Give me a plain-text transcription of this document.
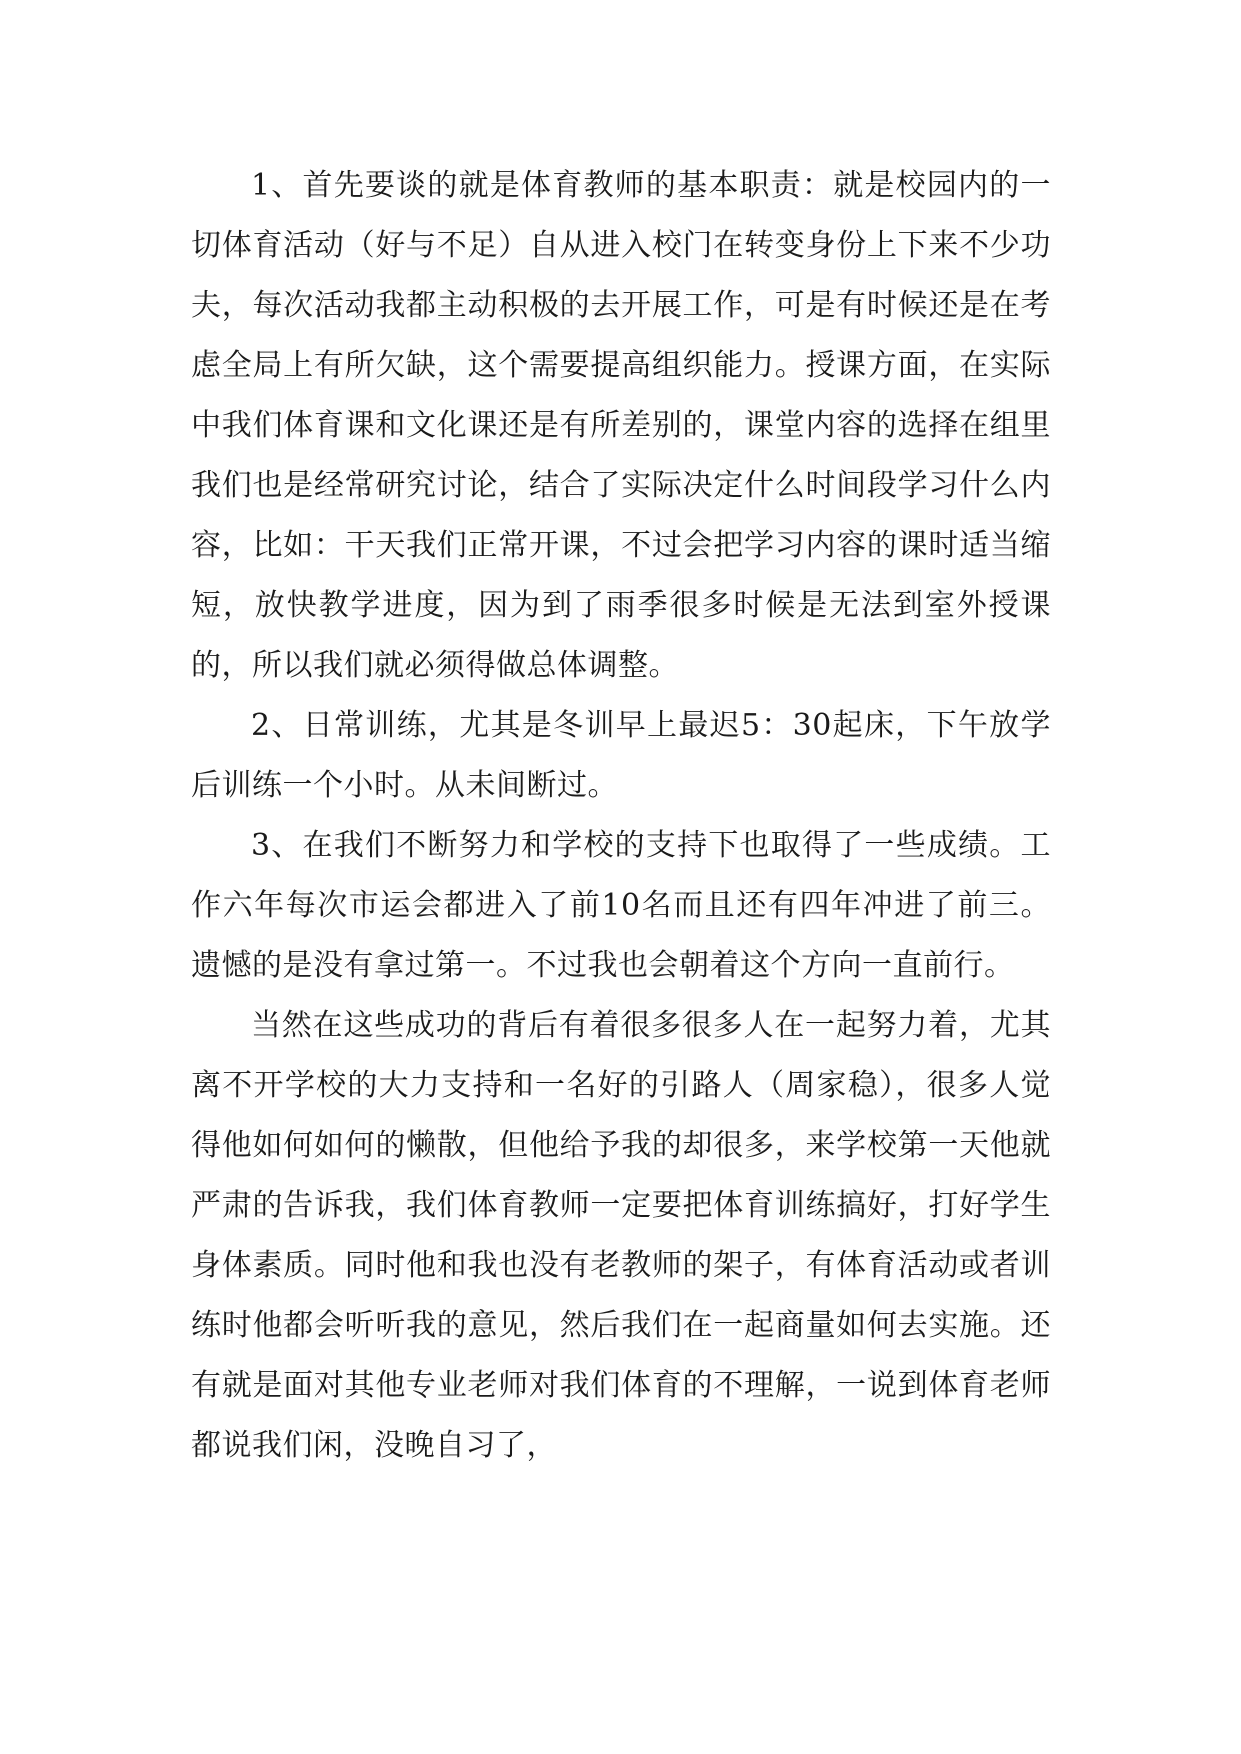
1、首先要谈的就是体育教师的基本职责：就是校园内的一切体育活动（好与不足）自从进入校门在转变身份上下来不少功夫，每次活动我都主动积极的去开展工作，可是有时候还是在考虑全局上有所欠缺，这个需要提高组织能力。授课方面，在实际中我们体育课和文化课还是有所差别的，课堂内容的选择在组里我们也是经常研究讨论，结合了实际决定什么时间段学习什么内容，比如：干天我们正常开课，不过会把学习内容的课时适当缩短，放快教学进度，因为到了雨季很多时候是无法到室外授课的，所以我们就必须得做总体调整。

2、日常训练，尤其是冬训早上最迟5：30起床，下午放学后训练一个小时。从未间断过。

3、在我们不断努力和学校的支持下也取得了一些成绩。工作六年每次市运会都进入了前10名而且还有四年冲进了前三。遗憾的是没有拿过第一。不过我也会朝着这个方向一直前行。

当然在这些成功的背后有着很多很多人在一起努力着，尤其离不开学校的大力支持和一名好的引路人（周家稳），很多人觉得他如何如何的懒散，但他给予我的却很多，来学校第一天他就严肃的告诉我，我们体育教师一定要把体育训练搞好，打好学生身体素质。同时他和我也没有老教师的架子，有体育活动或者训练时他都会听听我的意见，然后我们在一起商量如何去实施。还有就是面对其他专业老师对我们体育的不理解，一说到体育老师都说我们闲，没晚自习了，
